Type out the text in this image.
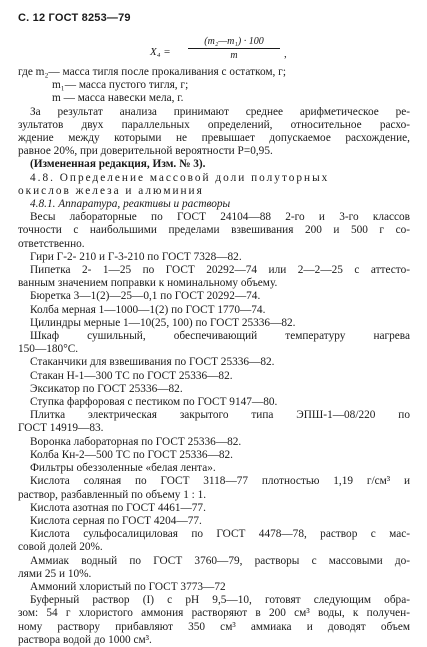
С. 12 ГОСТ 8253—79
$X_4 = \frac{\text{(m₂—m₁) · 100}}{m}$ ,

где m₂— масса тигля после прокаливания с остатком, г;

m₁— масса пустого тигля, г;

m — масса навески мела, г.

За результат анализа принимают среднее арифметическое ре-

зультатов двух параллельных определений, относительное расхо-

ждение между которыми не превышает допускаемое расхождение,

равное 20%, при доверительной вероятности P=0,95.

(Измененная редакция, Изм. № 3).

4.8. Определение массовой доли полуторных

окислов железа и алюминия

4.8.1. Аппаратура, реактивы и растворы

Весы лабораторные по ГОСТ 24104—88 2-го и 3-го классов

точности с наибольшими пределами взвешивания 200 и 500 г со-

ответственно.

Гири Г-2- 210 и Г-3-210 по ГОСТ 7328—82.

Пипетка 2- 1—25 по ГОСТ 20292—74 или 2—2—25 с аттесто-

ванным значением поправки к номинальному объему.

Бюретка 3—1(2)—25—0,1 по ГОСТ 20292—74.

Колба мерная 1—1000—1(2) по ГОСТ 1770—74.

Цилиндры мерные 1—10(25, 100) по ГОСТ 25336—82.

Шкаф сушильный, обеспечивающий температуру нагрева

150—180°С.

Стаканчики для взвешивания по ГОСТ 25336—82.

Стакан Н-1—300 ТС по ГОСТ 25336—82.

Эксикатор по ГОСТ 25336—82.

Ступка фарфоровая с пестиком по ГОСТ 9147—80.

Плитка электрическая закрытого типа ЭПШ-1—08/220 по

ГОСТ 14919—83.

Воронка лабораторная по ГОСТ 25336—82.

Колба Кн-2—500 ТС по ГОСТ 25336—82.

Фильтры обеззоленные «белая лента».

Кислота соляная по ГОСТ 3118—77 плотностью 1,19 г/см³ и

раствор, разбавленный по объему 1 : 1.

Кислота азотная по ГОСТ 4461—77.

Кислота серная по ГОСТ 4204—77.

Кислота сульфосалициловая по ГОСТ 4478—78, раствор с мас-

совой долей 20%.

Аммиак водный по ГОСТ 3760—79, растворы с массовыми до-

лями 25 и 10%.

Аммоний хлористый по ГОСТ 3773—72

Буферный раствор (I) с рН 9,5—10, готовят следующим обра-

зом: 54 г хлористого аммония растворяют в 200 см³ воды, к получен-

ному раствору прибавляют 350 см³ аммиака и доводят объем

раствора водой до 1000 см³.
